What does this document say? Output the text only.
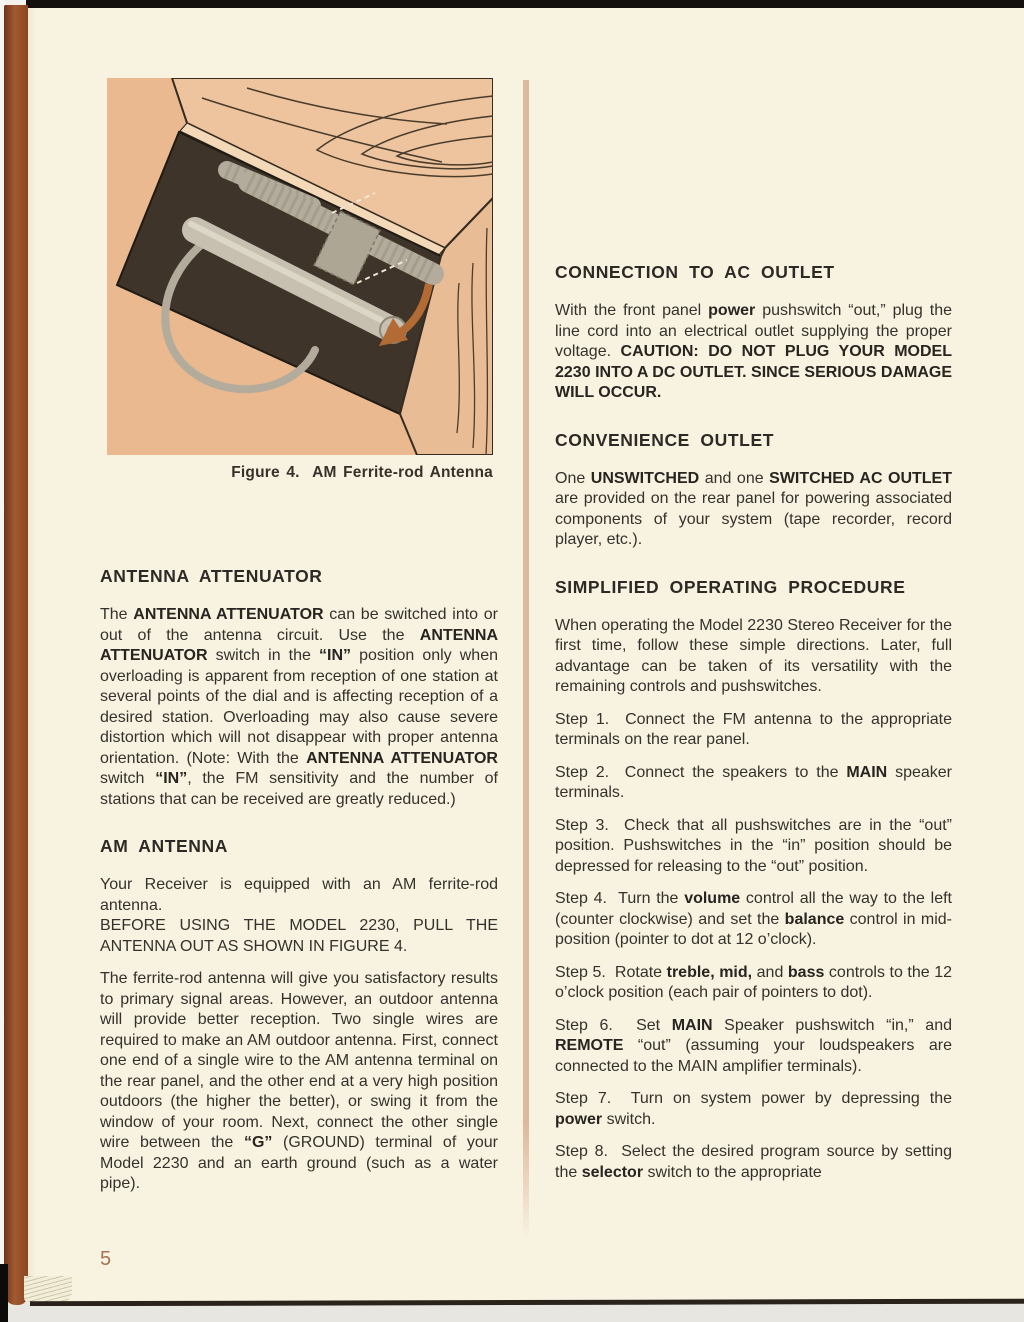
Figure 4.  AM Ferrite-rod Antenna
ANTENNA ATTENUATOR

The ANTENNA ATTENUATOR can be switched into or out of the antenna circuit. Use the ANTENNA ATTENUATOR switch in the “IN” position only when overloading is apparent from reception of one station at several points of the dial and is affecting reception of a desired station. Overloading may also cause severe distortion which will not disappear with proper antenna orientation. (Note: With the ANTENNA ATTENUATOR switch “IN”, the FM sensitivity and the number of stations that can be received are greatly reduced.)

AM ANTENNA

Your Receiver is equipped with an AM ferrite-rod antenna.
BEFORE USING THE MODEL 2230, PULL THE ANTENNA OUT AS SHOWN IN FIGURE 4.

The ferrite-rod antenna will give you satisfactory results to primary signal areas. However, an outdoor antenna will provide better reception. Two single wires are required to make an AM outdoor antenna. First, connect one end of a single wire to the AM antenna terminal on the rear panel, and the other end at a very high position outdoors (the higher the better), or swing it from the window of your room. Next, connect the other single wire between the “G” (GROUND) terminal of your Model 2230 and an earth ground (such as a water pipe).

CONNECTION TO AC OUTLET

With the front panel power pushswitch “out,” plug the line cord into an electrical outlet supplying the proper voltage. CAUTION: DO NOT PLUG YOUR MODEL 2230 INTO A DC OUTLET. SINCE SERIOUS DAMAGE WILL OCCUR.

CONVENIENCE OUTLET

One UNSWITCHED and one SWITCHED AC OUTLET are provided on the rear panel for powering associated components of your system (tape recorder, record player, etc.).

SIMPLIFIED OPERATING PROCEDURE

When operating the Model 2230 Stereo Receiver for the first time, follow these simple directions. Later, full advantage can be taken of its versatility with the remaining controls and pushswitches.

Step 1.  Connect the FM antenna to the appropriate terminals on the rear panel.

Step 2.  Connect the speakers to the MAIN speaker terminals.

Step 3.  Check that all pushswitches are in the “out” position. Pushswitches in the “in” position should be depressed for releasing to the “out” position.

Step 4.  Turn the volume control all the way to the left (counter clockwise) and set the balance control in mid-position (pointer to dot at 12 o’clock).

Step 5.  Rotate treble, mid, and bass controls to the 12 o’clock position (each pair of pointers to dot).

Step 6.  Set MAIN Speaker pushswitch “in,” and REMOTE “out” (assuming your loudspeakers are connected to the MAIN amplifier terminals).

Step 7.  Turn on system power by depressing the power switch.

Step 8.  Select the desired program source by setting the selector switch to the appropriate

5
